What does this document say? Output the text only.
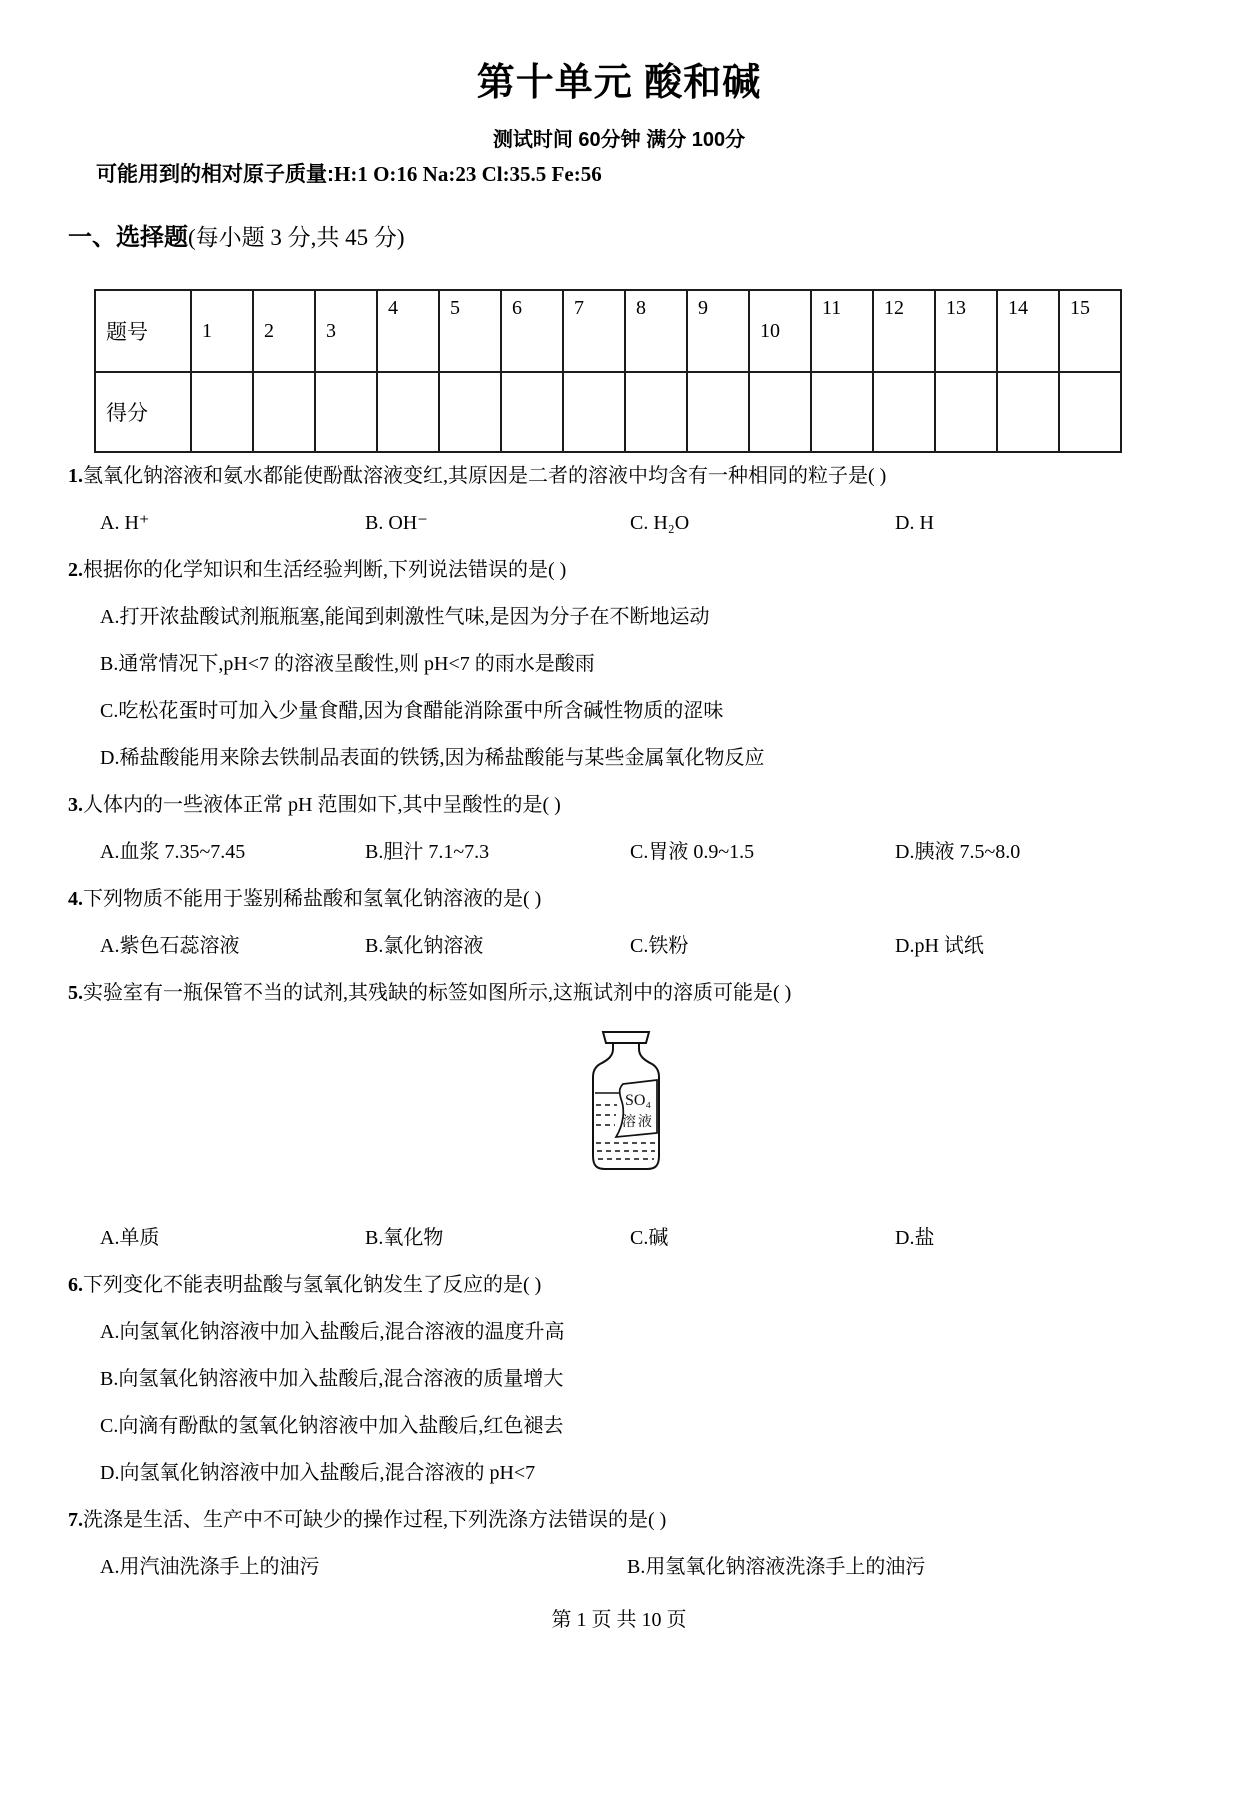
第十单元 酸和碱
测试时间 60分钟 满分 100分
可能用到的相对原子质量:H:1 O:16 Na:23 Cl:35.5 Fe:56
一、选择题(每小题 3 分,共 45 分)
题号	1	2	3	4	5	6	7	8	9	10	11	12	13	14	15
得分															
1.氢氧化钠溶液和氨水都能使酚酞溶液变红,其原因是二者的溶液中均含有一种相同的粒子是( )
A. H⁺	B. OH⁻	C. H₂O	D. H
2.根据你的化学知识和生活经验判断,下列说法错误的是( )
A.打开浓盐酸试剂瓶瓶塞,能闻到刺激性气味,是因为分子在不断地运动
B.通常情况下,pH<7 的溶液呈酸性,则 pH<7 的雨水是酸雨
C.吃松花蛋时可加入少量食醋,因为食醋能消除蛋中所含碱性物质的涩味
D.稀盐酸能用来除去铁制品表面的铁锈,因为稀盐酸能与某些金属氧化物反应
3.人体内的一些液体正常 pH 范围如下,其中呈酸性的是( )
A.血浆 7.35~7.45	B.胆汁 7.1~7.3	C.胃液 0.9~1.5	D.胰液 7.5~8.0
4.下列物质不能用于鉴别稀盐酸和氢氧化钠溶液的是( )
A.紫色石蕊溶液	B.氯化钠溶液	C.铁粉	D.pH 试纸
5.实验室有一瓶保管不当的试剂,其残缺的标签如图所示,这瓶试剂中的溶质可能是( )
SO₄
溶液
A.单质	B.氧化物	C.碱	D.盐
6.下列变化不能表明盐酸与氢氧化钠发生了反应的是( )
A.向氢氧化钠溶液中加入盐酸后,混合溶液的温度升高
B.向氢氧化钠溶液中加入盐酸后,混合溶液的质量增大
C.向滴有酚酞的氢氧化钠溶液中加入盐酸后,红色褪去
D.向氢氧化钠溶液中加入盐酸后,混合溶液的 pH<7
7.洗涤是生活、生产中不可缺少的操作过程,下列洗涤方法错误的是( )
A.用汽油洗涤手上的油污	B.用氢氧化钠溶液洗涤手上的油污
第 1 页 共 10 页
